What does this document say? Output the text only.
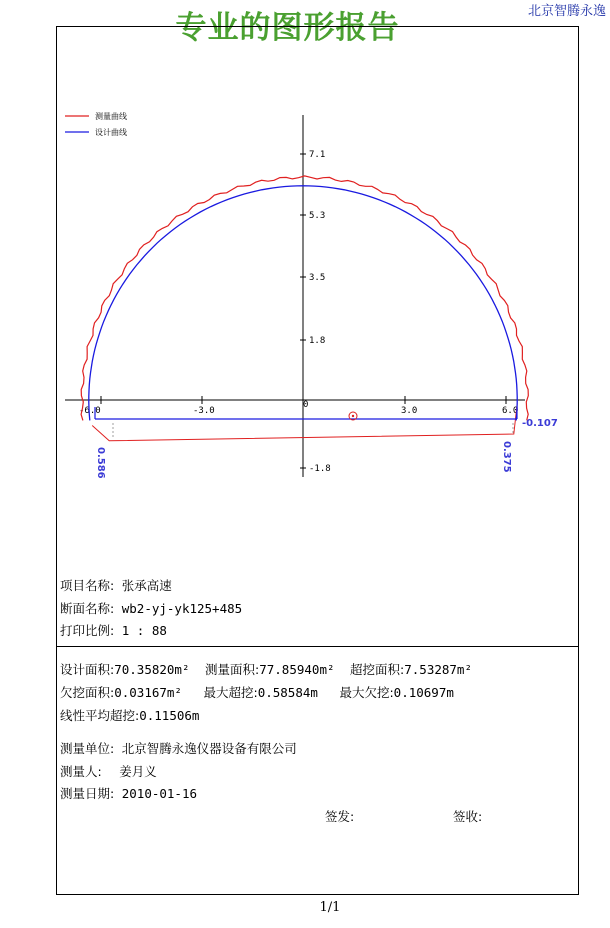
专业的图形报告	北京智腾永逸
测量曲线
设计曲线
-6.0	-3.0
0
3.0	6.0
7.1
5.3
3.5
1.8
-1.8
0.586	0.375
-0.107
项目名称: 张承高速
断面名称: wb2-yj-yk125+485
打印比例: 1 : 88
设计面积:70.35820m² 测量面积:77.85940m² 超挖面积:7.53287m²
欠挖面积:0.03167m² 最大超挖:0.58584m 最大欠挖:0.10697m
线性平均超挖:0.11506m
测量单位: 北京智腾永逸仪器设备有限公司
测量人: 姜月义
测量日期: 2010-01-16
签发:	签收:
1/1
